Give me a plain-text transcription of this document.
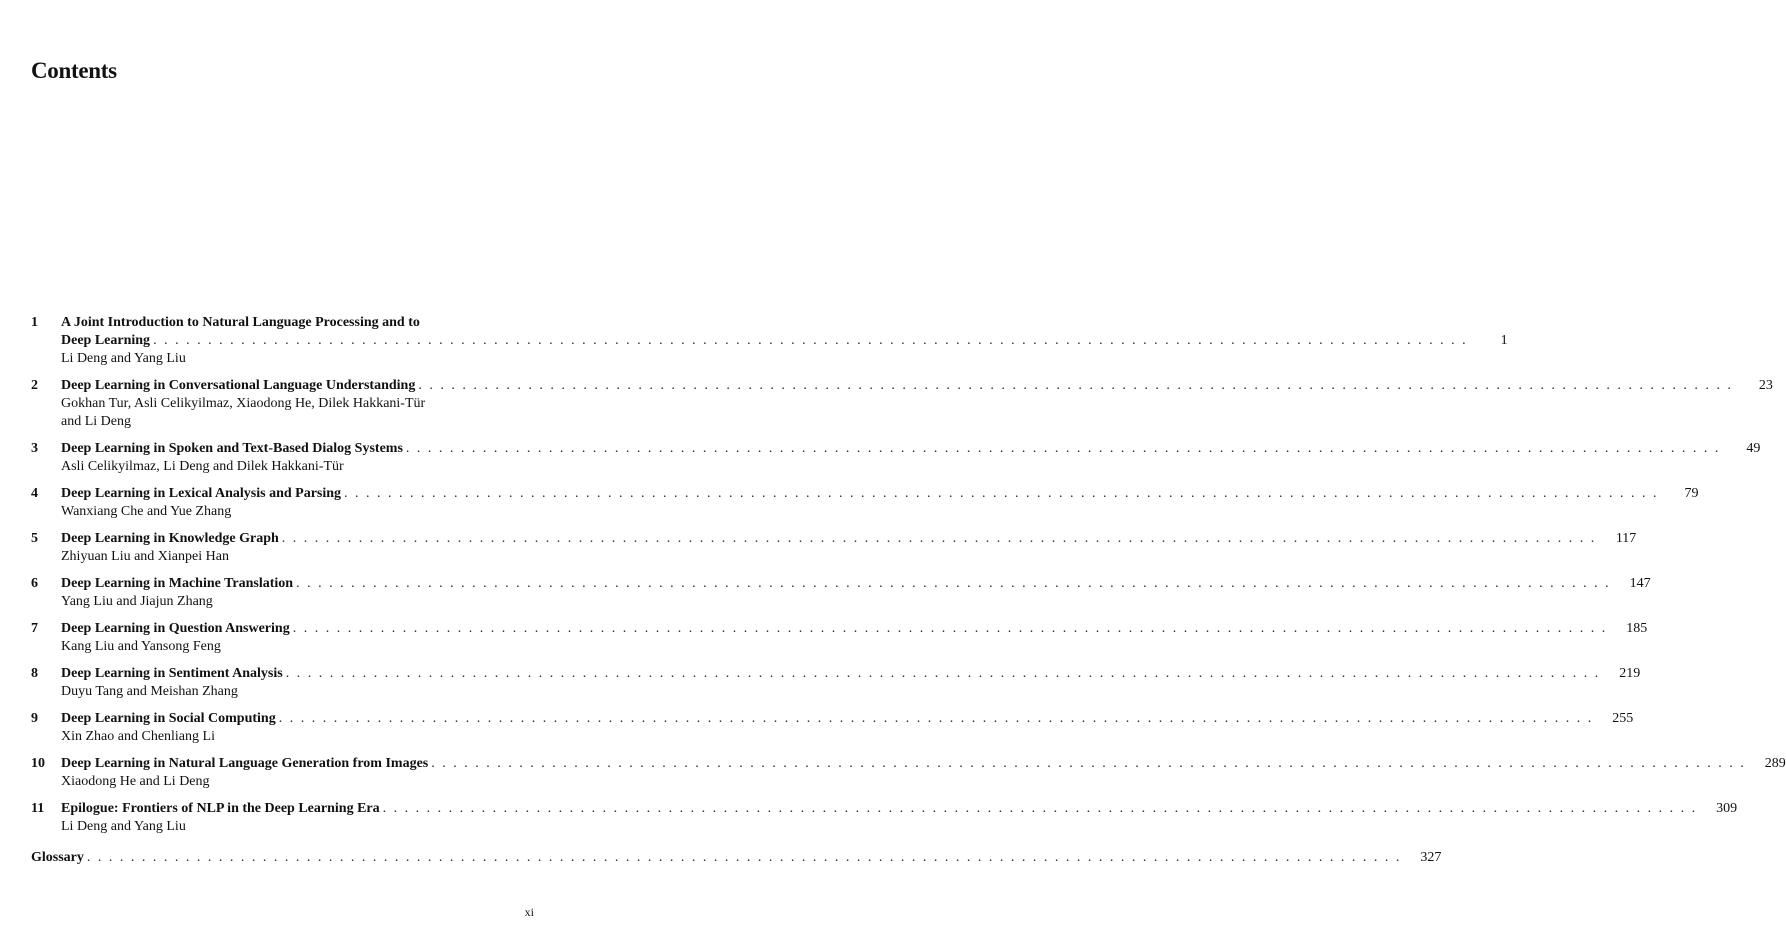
Contents
1 A Joint Introduction to Natural Language Processing and to
Deep Learning . . . . . . . . . . . . . . . . . . . . . . . . . . . . . . . . . . . . . . . . . . . . . . . . . . . . . . . . . . . . . . . . . . . . . . . . . . . . . . . . . . . . . . . . . . . . . . . . . . . . . . . . . . . . . . . . . . . . . . . .	1
Li Deng and Yang Liu
2 Deep Learning in Conversational Language Understanding . . . . . . . . . . . . . . . . . . . . . . . . . . . . . . . . . . . . . . . . . . . . . . . . . . . . . . . . . . . . . . . . . . . . . . . . . . . . . . . . . . . . . . . . . . . . . . . . . . . . . . . . . . . . . . . . . . . . . . . .	23
Gokhan Tur, Asli Celikyilmaz, Xiaodong He, Dilek Hakkani-Tür
and Li Deng
3 Deep Learning in Spoken and Text-Based Dialog Systems . . . . . . . . . . . . . . . . . . . . . . . . . . . . . . . . . . . . . . . . . . . . . . . . . . . . . . . . . . . . . . . . . . . . . . . . . . . . . . . . . . . . . . . . . . . . . . . . . . . . . . . . . . . . . . . . . . . . . . . .	49
Asli Celikyilmaz, Li Deng and Dilek Hakkani-Tür
4 Deep Learning in Lexical Analysis and Parsing . . . . . . . . . . . . . . . . . . . . . . . . . . . . . . . . . . . . . . . . . . . . . . . . . . . . . . . . . . . . . . . . . . . . . . . . . . . . . . . . . . . . . . . . . . . . . . . . . . . . . . . . . . . . . . . . . . . . . . . .	79
Wanxiang Che and Yue Zhang
5 Deep Learning in Knowledge Graph . . . . . . . . . . . . . . . . . . . . . . . . . . . . . . . . . . . . . . . . . . . . . . . . . . . . . . . . . . . . . . . . . . . . . . . . . . . . . . . . . . . . . . . . . . . . . . . . . . . . . . . . . . . . . . . . . . . . . . . .	117
Zhiyuan Liu and Xianpei Han
6 Deep Learning in Machine Translation . . . . . . . . . . . . . . . . . . . . . . . . . . . . . . . . . . . . . . . . . . . . . . . . . . . . . . . . . . . . . . . . . . . . . . . . . . . . . . . . . . . . . . . . . . . . . . . . . . . . . . . . . . . . . . . . . . . . . . . .	147
Yang Liu and Jiajun Zhang
7 Deep Learning in Question Answering . . . . . . . . . . . . . . . . . . . . . . . . . . . . . . . . . . . . . . . . . . . . . . . . . . . . . . . . . . . . . . . . . . . . . . . . . . . . . . . . . . . . . . . . . . . . . . . . . . . . . . . . . . . . . . . . . . . . . . . .	185
Kang Liu and Yansong Feng
8 Deep Learning in Sentiment Analysis . . . . . . . . . . . . . . . . . . . . . . . . . . . . . . . . . . . . . . . . . . . . . . . . . . . . . . . . . . . . . . . . . . . . . . . . . . . . . . . . . . . . . . . . . . . . . . . . . . . . . . . . . . . . . . . . . . . . . . . .	219
Duyu Tang and Meishan Zhang
9 Deep Learning in Social Computing . . . . . . . . . . . . . . . . . . . . . . . . . . . . . . . . . . . . . . . . . . . . . . . . . . . . . . . . . . . . . . . . . . . . . . . . . . . . . . . . . . . . . . . . . . . . . . . . . . . . . . . . . . . . . . . . . . . . . . . .	255
Xin Zhao and Chenliang Li
10 Deep Learning in Natural Language Generation from Images . . . . . . . . . . . . . . . . . . . . . . . . . . . . . . . . . . . . . . . . . . . . . . . . . . . . . . . . . . . . . . . . . . . . . . . . . . . . . . . . . . . . . . . . . . . . . . . . . . . . . . . . . . . . . . . . . . . . . . . .	289
Xiaodong He and Li Deng
11 Epilogue: Frontiers of NLP in the Deep Learning Era . . . . . . . . . . . . . . . . . . . . . . . . . . . . . . . . . . . . . . . . . . . . . . . . . . . . . . . . . . . . . . . . . . . . . . . . . . . . . . . . . . . . . . . . . . . . . . . . . . . . . . . . . . . . . . . . . . . . . . . .	309
Li Deng and Yang Liu
Glossary . . . . . . . . . . . . . . . . . . . . . . . . . . . . . . . . . . . . . . . . . . . . . . . . . . . . . . . . . . . . . . . . . . . . . . . . . . . . . . . . . . . . . . . . . . . . . . . . . . . . . . . . . . . . . . . . . . . . . . . .	327
xi
